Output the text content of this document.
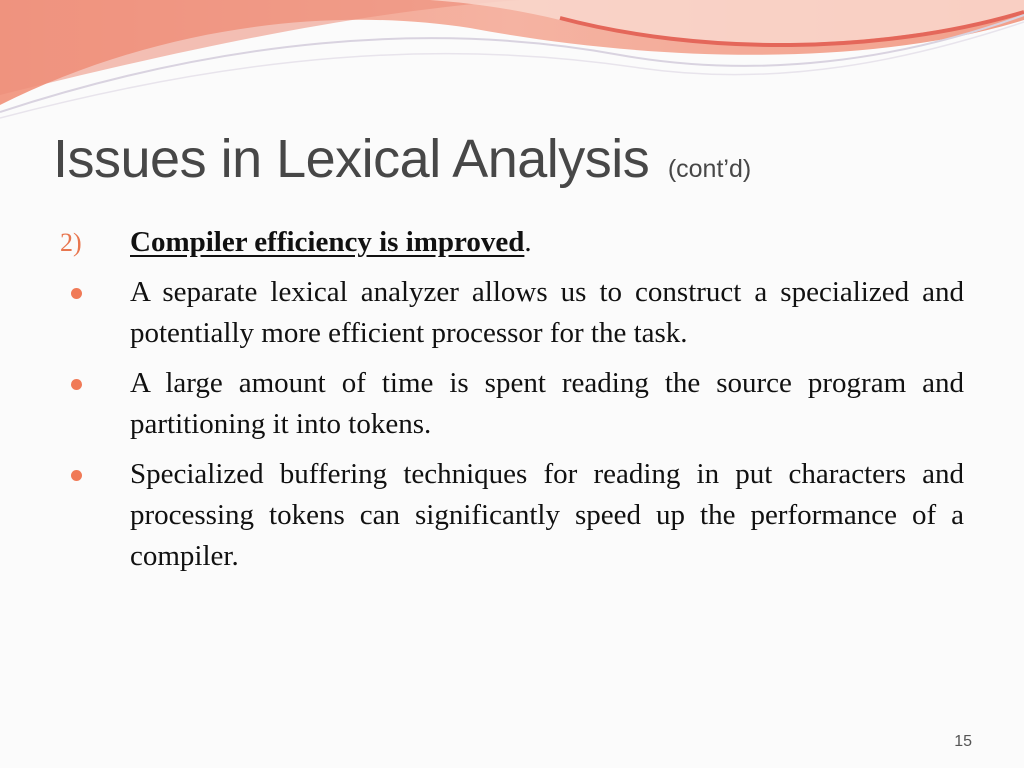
Issues in Lexical Analysis (cont’d)
2)	Compiler efficiency is improved.
A separate lexical analyzer allows us to construct a specialized and potentially more efficient processor for the task.
A large amount of time is spent reading the source program and partitioning it into tokens.
Specialized buffering techniques for reading in put characters and processing tokens can significantly speed up the performance of a compiler.
15
